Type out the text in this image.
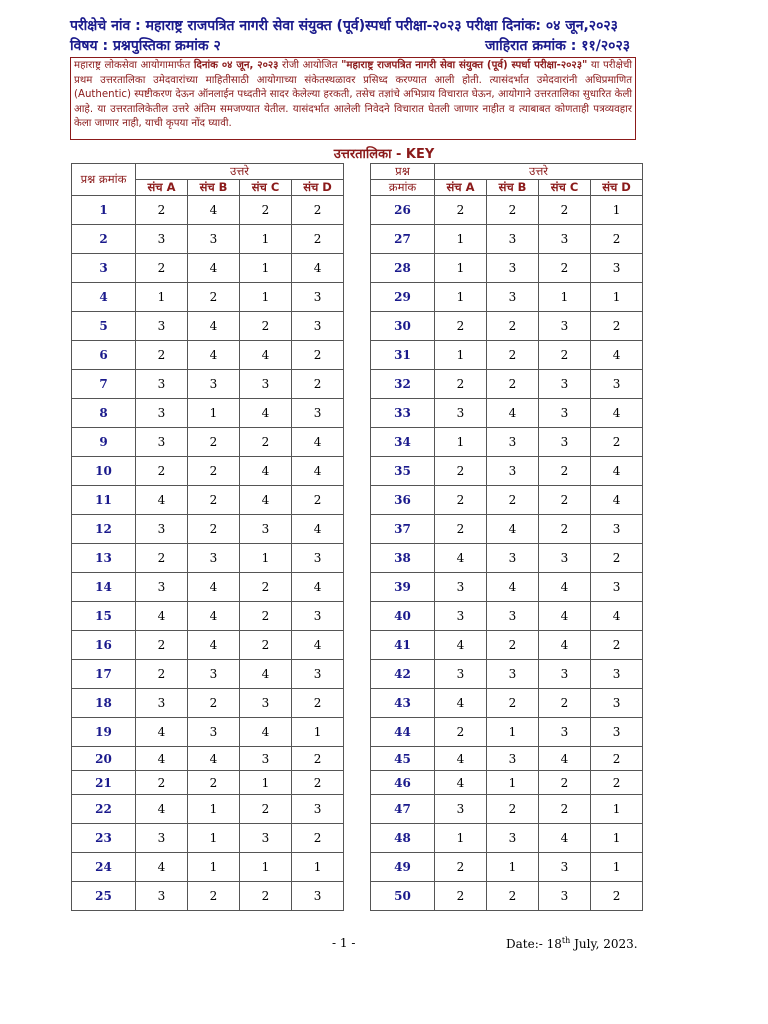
परीक्षेचे नांव : महाराष्ट्र राजपत्रित नागरी सेवा संयुक्त (पूर्व)स्पर्धा परीक्षा-२०२३ परीक्षा दिनांक: ०४ जून,२०२३
विषय : प्रश्नपुस्तिका क्रमांक २	जाहिरात क्रमांक : ११/२०२३
महाराष्ट्र लोकसेवा आयोगामार्फत दिनांक ०४ जून, २०२३ रोजी आयोजित "महाराष्ट्र राजपत्रित नागरी सेवा संयुक्त (पूर्व) स्पर्धा परीक्षा-२०२३" या परीक्षेची प्रथम उत्तरतालिका उमेदवारांच्या माहितीसाठी आयोगाच्या संकेतस्थळावर प्रसिध्द करण्यात आली होती. त्यासंदर्भात उमेदवारांनी अधिप्रमाणित (Authentic) स्पष्टीकरण देऊन ऑनलाईन पध्दतीने सादर केलेल्या हरकती, तसेच तज्ञांचे अभिप्राय विचारात घेऊन, आयोगाने उत्तरतालिका सुधारित केली आहे. या उत्तरतालिकेतील उत्तरे अंतिम समजण्यात येतील. यासंदर्भात आलेली निवेदने विचारात घेतली जाणार नाहीत व त्याबाबत कोणताही पत्रव्यवहार केला जाणार नाही, याची कृपया नोंद घ्यावी.
उत्तरतालिका - KEY
प्रश्न क्रमांक	उत्तरे			
	संच A	संच B	संच C	संच D
1	2	4	2	2
2	3	3	1	2
3	2	4	1	4
4	1	2	1	3
5	3	4	2	3
6	2	4	4	2
7	3	3	3	2
8	3	1	4	3
9	3	2	2	4
10	2	2	4	4
11	4	2	4	2
12	3	2	3	4
13	2	3	1	3
14	3	4	2	4
15	4	4	2	3
16	2	4	2	4
17	2	3	4	3
18	3	2	3	2
19	4	3	4	1
20	4	4	3	2
21	2	2	1	2
22	4	1	2	3
23	3	1	3	2
24	4	1	1	1
25	3	2	2	3
प्रश्न	उत्तरे			
क्रमांक	संच A	संच B	संच C	संच D
26	2	2	2	1
27	1	3	3	2
28	1	3	2	3
29	1	3	1	1
30	2	2	3	2
31	1	2	2	4
32	2	2	3	3
33	3	4	3	4
34	1	3	3	2
35	2	3	2	4
36	2	2	2	4
37	2	4	2	3
38	4	3	3	2
39	3	4	4	3
40	3	3	4	4
41	4	2	4	2
42	3	3	3	3
43	4	2	2	3
44	2	1	3	3
45	4	3	4	2
46	4	1	2	2
47	3	2	2	1
48	1	3	4	1
49	2	1	3	1
50	2	2	3	2
- 1 -	Date:- 18th July, 2023.
